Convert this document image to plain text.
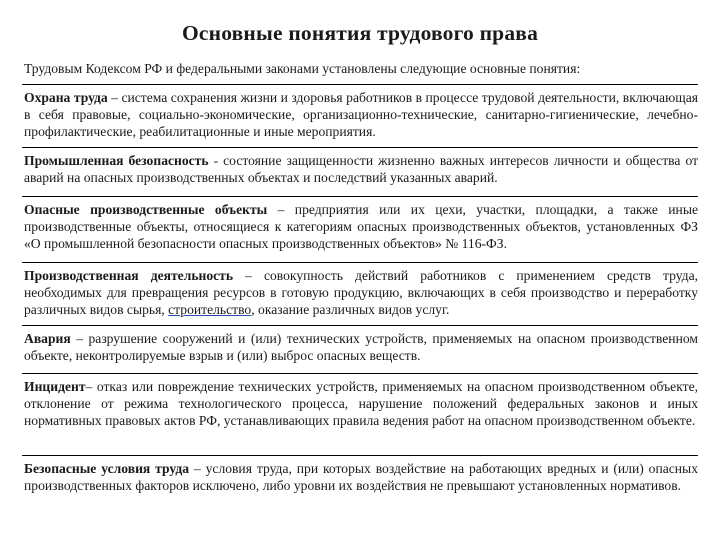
Основные понятия трудового права
Трудовым Кодексом РФ и федеральными законами установлены следующие основные понятия:
Охрана труда – система сохранения жизни и здоровья работников в процессе трудовой деятельности, включающая в себя правовые, социально-экономические, организационно-технические, санитарно-гигиенические, лечебно-профилактические, реабилитационные и иные мероприятия.
Промышленная безопасность - состояние защищенности жизненно важных интересов личности и общества от аварий на опасных производственных объектах и последствий указанных аварий.
Опасные производственные объекты – предприятия или их цехи, участки, площадки, а также иные производственные объекты, относящиеся к категориям опасных производственных объектов, установленных ФЗ «О промышленной безопасности опасных производственных объектов» № 116-ФЗ.
Производственная деятельность – совокупность действий работников с применением средств труда, необходимых для превращения ресурсов в готовую продукцию, включающих в себя производство и переработку различных видов сырья, строительство, оказание различных видов услуг.
Авария – разрушение сооружений и (или) технических устройств, применяемых на опасном производственном объекте, неконтролируемые взрыв и (или) выброс опасных веществ.
Инцидент– отказ или повреждение технических устройств, применяемых на опасном производственном объекте, отклонение от режима технологического процесса, нарушение положений федеральных законов и иных нормативных правовых актов РФ, устанавливающих правила ведения работ на опасном производственном объекте.
Безопасные условия труда – условия труда, при которых воздействие на работающих вредных и (или) опасных производственных факторов исключено, либо уровни их воздействия не превышают установленных нормативов.
